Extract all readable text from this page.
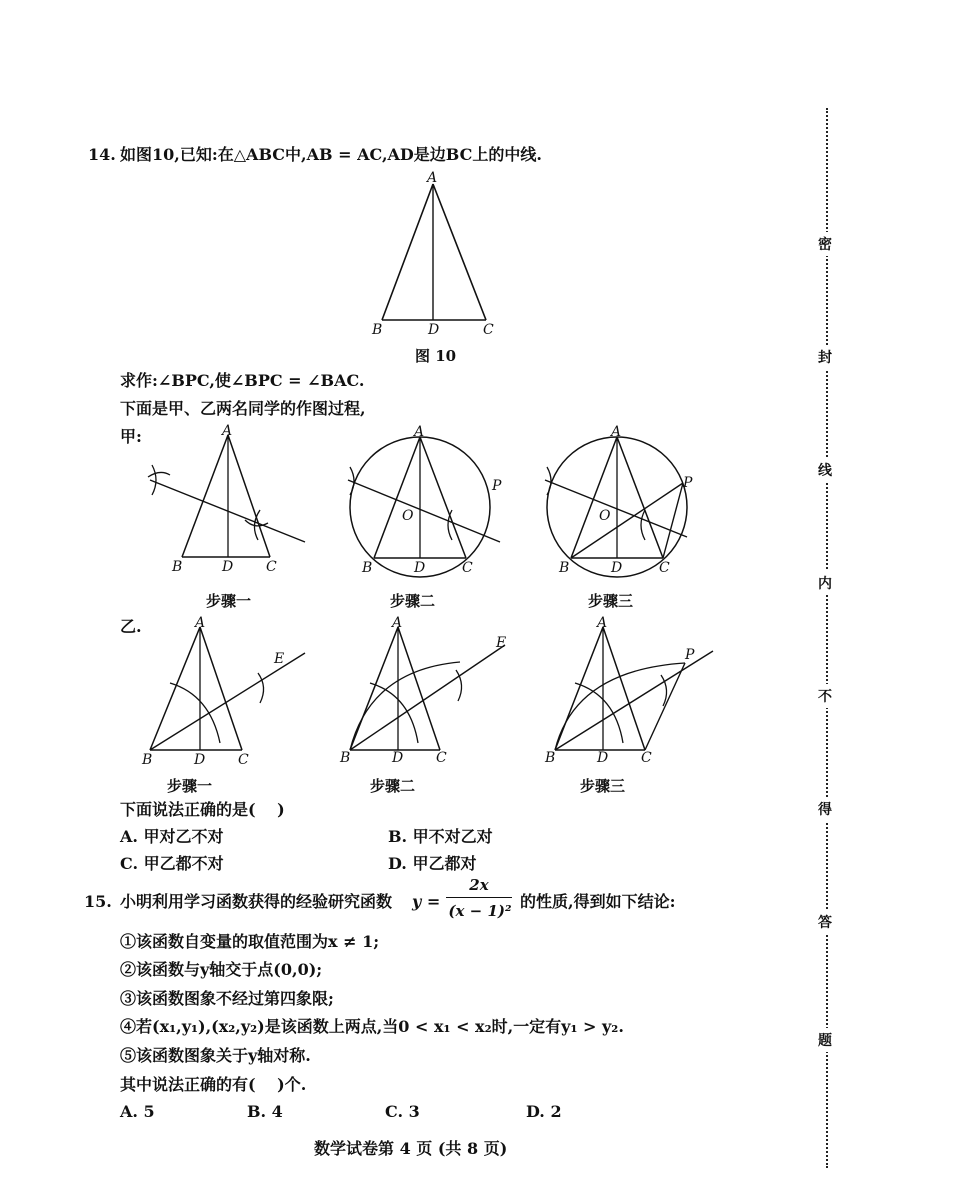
密
封
线
内
不
得
答
题
14. 如图10,已知:在△ABC中,AB = AC,AD是边BC上的中线.
A
B	D	C
图 10
求作:∠BPC,使∠BPC = ∠BAC.
下面是甲、乙两名同学的作图过程,
甲:	A
B	D C
步骤一
A
O
P
B	D	C
步骤二
A
O
P
B	D	C
步骤三
乙.	A
E
B	D C
步骤一
A
E
B	D C
步骤二
A
P
B	D C
步骤三
下面说法正确的是(　 )
A. 甲对乙不对	B. 甲不对乙对
C. 甲乙都不对	D. 甲乙都对
15. 小明利用学习函数获得的经验研究函数 y =
2x
(x − 1)² 的性质,得到如下结论:
①该函数自变量的取值范围为x ≠ 1;
②该函数与y轴交于点(0,0);
③该函数图象不经过第四象限;
④若(x₁,y₁),(x₂,y₂)是该函数上两点,当0 < x₁ < x₂时,一定有y₁ > y₂.
⑤该函数图象关于y轴对称.
其中说法正确的有(　 )个.
A. 5	B. 4	C. 3	D. 2
数学试卷第 4 页 (共 8 页)
